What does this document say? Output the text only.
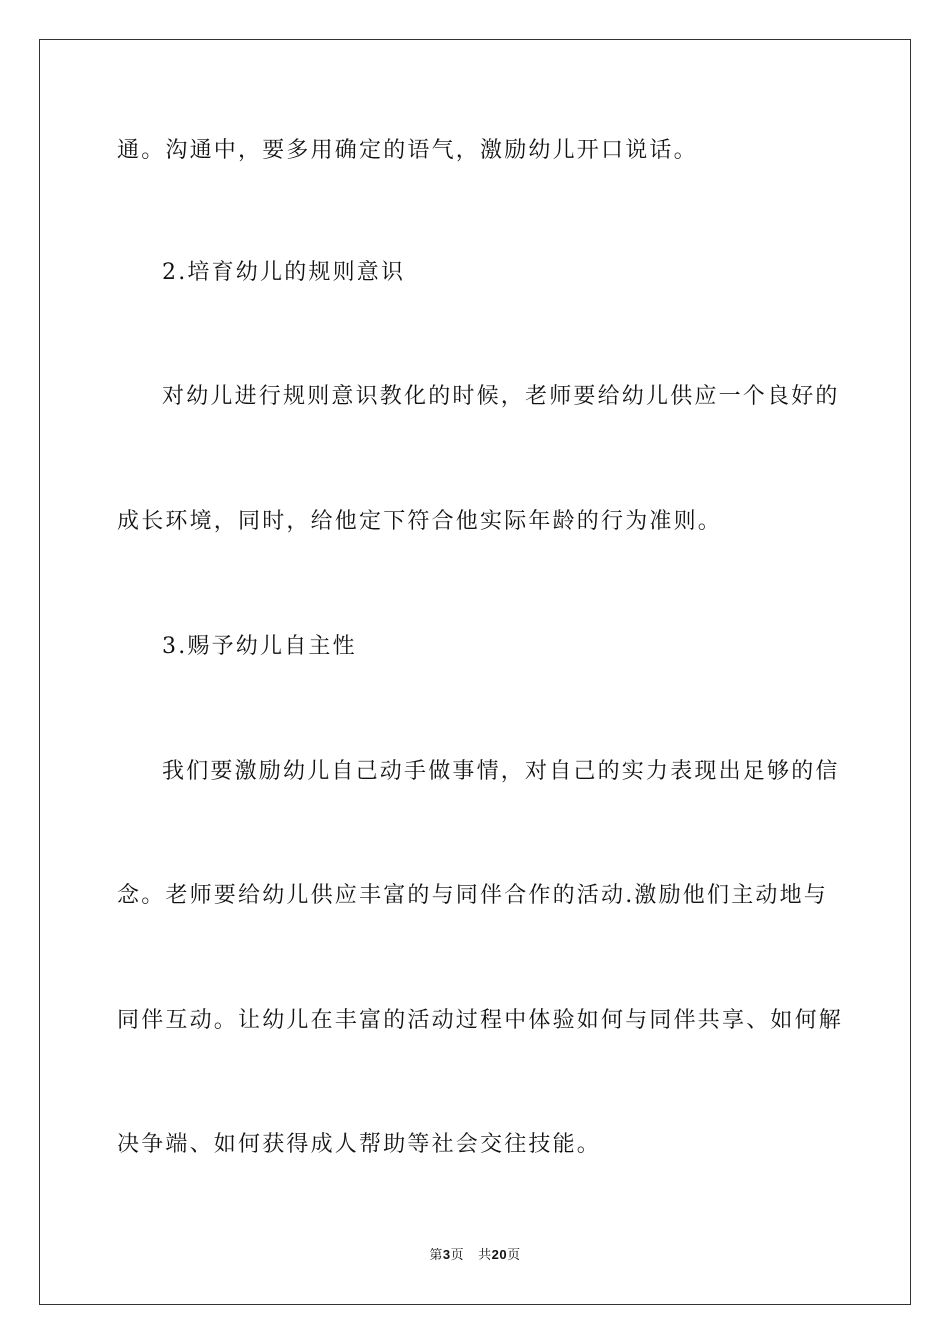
通。沟通中，要多用确定的语气，激励幼儿开口说话。
2.培育幼儿的规则意识
对幼儿进行规则意识教化的时候，老师要给幼儿供应一个良好的
成长环境，同时，给他定下符合他实际年龄的行为准则。
3.赐予幼儿自主性
我们要激励幼儿自己动手做事情，对自己的实力表现出足够的信
念。老师要给幼儿供应丰富的与同伴合作的活动.激励他们主动地与
同伴互动。让幼儿在丰富的活动过程中体验如何与同伴共享、如何解
决争端、如何获得成人帮助等社会交往技能。
第3页 共20页
